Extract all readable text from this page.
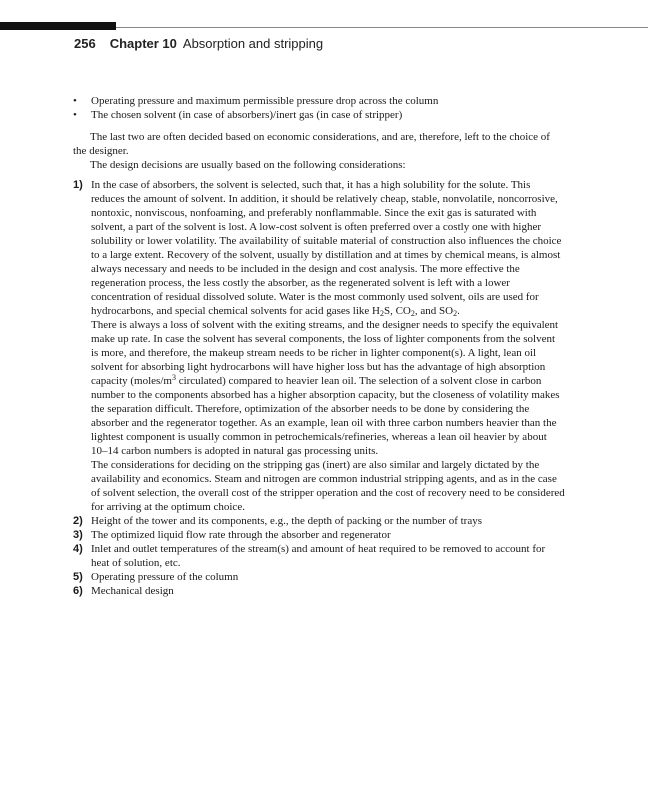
256 Chapter 10 Absorption and stripping
• Operating pressure and maximum permissible pressure drop across the column
• The chosen solvent (in case of absorbers)/inert gas (in case of stripper)
The last two are often decided based on economic considerations, and are, therefore, left to the choice of the designer.
The design decisions are usually based on the following considerations:
1) In the case of absorbers, the solvent is selected, such that, it has a high solubility for the solute. This reduces the amount of solvent. In addition, it should be relatively cheap, stable, nonvolatile, noncorrosive, nontoxic, nonviscous, nonfoaming, and preferably nonflammable. Since the exit gas is saturated with solvent, a part of the solvent is lost. A low-cost solvent is often preferred over a costly one with higher solubility or lower volatility. The availability of suitable material of construction also influences the choice to a large extent. Recovery of the solvent, usually by distillation and at times by chemical means, is almost always necessary and needs to be included in the design and cost analysis. The more effective the regeneration process, the less costly the absorber, as the regenerated solvent is left with a lower concentration of residual dissolved solute. Water is the most commonly used solvent, oils are used for hydrocarbons, and special chemical solvents for acid gases like $H_2S$, $CO_2$, and $SO_2$.
There is always a loss of solvent with the exiting streams, and the designer needs to specify the equivalent make up rate. In case the solvent has several components, the loss of lighter components from the solvent is more, and therefore, the makeup stream needs to be richer in lighter component(s). A light, lean oil solvent for absorbing light hydrocarbons will have higher loss but has the advantage of high absorption capacity ($moles/m^3$ circulated) compared to heavier lean oil. The selection of a solvent close in carbon number to the components absorbed has a higher absorption capacity, but the closeness of volatility makes the separation difficult. Therefore, optimization of the absorber needs to be done by considering the absorber and the regenerator together. As an example, lean oil with three carbon numbers heavier than the lightest component is usually common in petrochemicals/refineries, whereas a lean oil heavier by about 10–14 carbon numbers is adopted in natural gas processing units.
The considerations for deciding on the stripping gas (inert) are also similar and largely dictated by the availability and economics. Steam and nitrogen are common industrial stripping agents, and as in the case of solvent selection, the overall cost of the stripper operation and the cost of recovery need to be considered for arriving at the optimum choice.
2) Height of the tower and its components, e.g., the depth of packing or the number of trays
3) The optimized liquid flow rate through the absorber and regenerator
4) Inlet and outlet temperatures of the stream(s) and amount of heat required to be removed to account for heat of solution, etc.
5) Operating pressure of the column
6) Mechanical design
